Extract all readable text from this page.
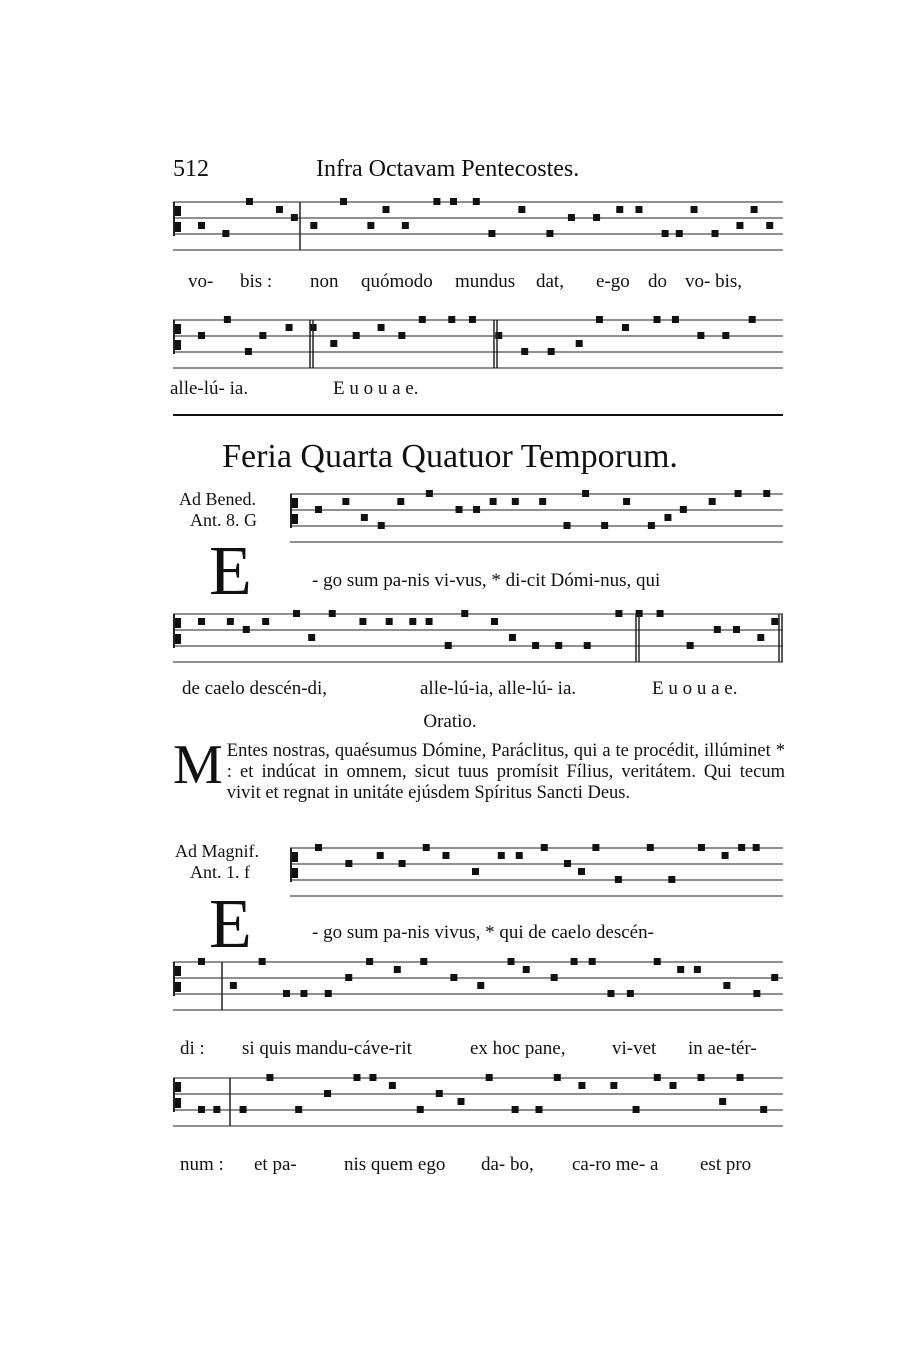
512	Infra Octavam Pentecostes.
vo- bis : non quómodo mundus dat, e-go do vo- bis,
alle-lú- ia.	E u o u a e.
Feria Quarta Quatuor Temporum.
Ad Bened.
Ant. 8. G
E	- go sum pa-nis vi-vus, * di-cit Dómi-nus, qui
de caelo descén-di,	alle-lú-ia, alle-lú- ia.	E u o u a e.
Oratio.
M Entes nostras, quaésumus Dómine, Paráclitus, qui a te procédit, illúminet * : et indúcat in omnem, sicut tuus promísit Fílius, veritátem. Qui tecum vivit et regnat in unitáte ejúsdem Spíritus Sancti Deus.
Ad Magnif.
Ant. 1. f
E	- go sum pa-nis vivus, * qui de caelo descén-
di : si quis mandu-cáve-rit	ex hoc pane, vi-vet in ae-tér-
num : et pa- nis quem ego da- bo, ca-ro me- a est pro
